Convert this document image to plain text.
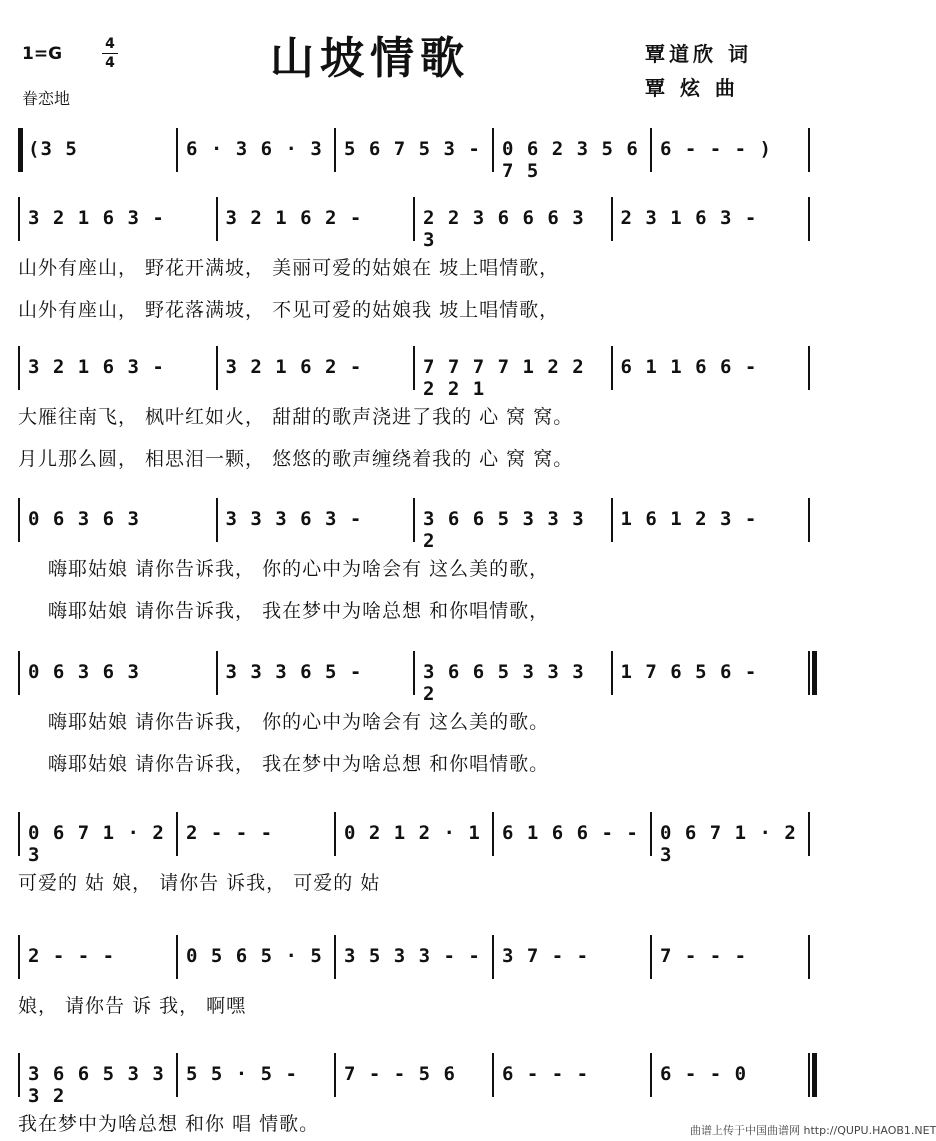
山坡情歌
1=G	4
4
眷恋地
覃道欣 词
覃 炫 曲
(3 5	6 · 3 6 · 3 5 6 7 5 3 - 0 6 2 3 5 6 7 5
6 - - - )
3 2 1 6 3 -	3 2 1 6 2 -	2 2 3 6 6 6 3 3
2 3 1 6 3 -
山外有座山， 野花开满坡， 美丽可爱的姑娘在 坡上唱情歌，
山外有座山， 野花落满坡， 不见可爱的姑娘我 坡上唱情歌，
3 2 1 6 3 -	3 2 1 6 2 -	7 7 7 7 1 2 2 2 2 1
6 1 1 6 6 -
大雁往南飞， 枫叶红如火， 甜甜的歌声浇进了我的 心 窝 窝。
月儿那么圆， 相思泪一颗， 悠悠的歌声缠绕着我的 心 窝 窝。
0 6 3 6 3	3 3 3 6 3 -	3 6 6 5 3 3 3 2
1 6 1 2 3 -
嗨耶姑娘 请你告诉我， 你的心中为啥会有 这么美的歌，
嗨耶姑娘 请你告诉我， 我在梦中为啥总想 和你唱情歌，
0 6 3 6 3	3 3 3 6 5 -	3 6 6 5 3 3 3 2
1 7 6 5 6 -
嗨耶姑娘 请你告诉我， 你的心中为啥会有 这么美的歌。
嗨耶姑娘 请你告诉我， 我在梦中为啥总想 和你唱情歌。
0 6 7 1 · 2 3
2 - - -	0 2 1 2 · 1 6 1 6 6 - - 0 6 7 1 · 2 3
可爱的 姑 娘， 请你告 诉我， 可爱的 姑
2 - - -	0 5 6 5 · 5 3 5 3 3 - - 3 7 - -	7 - - -
娘， 请你告 诉 我， 啊嘿
3 6 6 5 3 3 3 2
5 5 · 5 -	7 - - 5 6	6 - - -	6 - - 0
我在梦中为啥总想 和你 唱 情歌。	曲谱上传于中国曲谱网 http://QUPU.HAOB1.NET
